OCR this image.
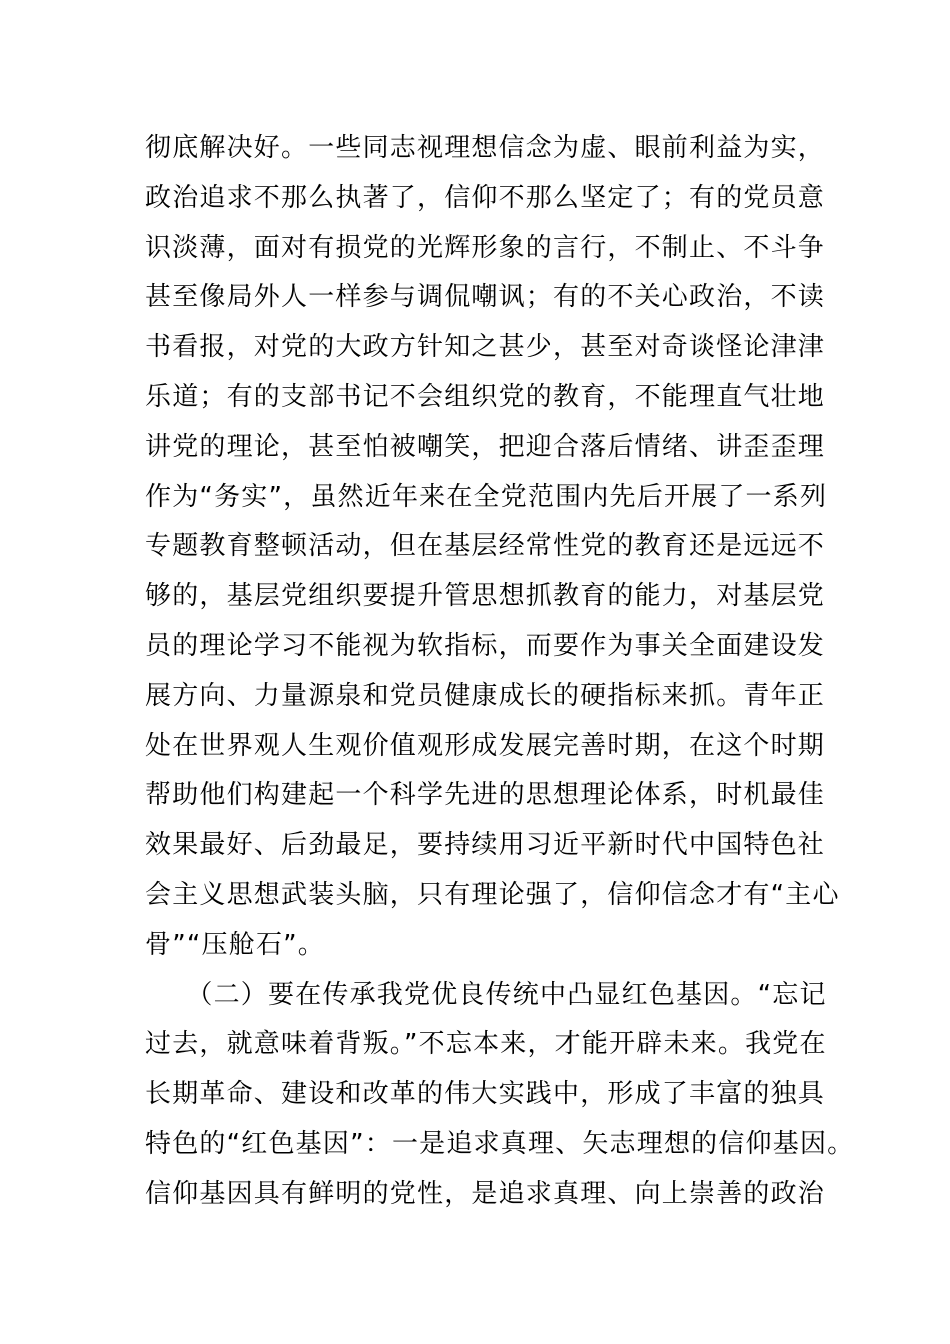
彻底解决好。一些同志视理想信念为虚、眼前利益为实，
政治追求不那么执著了，信仰不那么坚定了；有的党员意
识淡薄，面对有损党的光辉形象的言行，不制止、不斗争
甚至像局外人一样参与调侃嘲讽；有的不关心政治，不读
书看报，对党的大政方针知之甚少，甚至对奇谈怪论津津
乐道；有的支部书记不会组织党的教育，不能理直气壮地
讲党的理论，甚至怕被嘲笑，把迎合落后情绪、讲歪歪理
作为“务实”，虽然近年来在全党范围内先后开展了一系列
专题教育整顿活动，但在基层经常性党的教育还是远远不
够的，基层党组织要提升管思想抓教育的能力，对基层党
员的理论学习不能视为软指标，而要作为事关全面建设发
展方向、力量源泉和党员健康成长的硬指标来抓。青年正
处在世界观人生观价值观形成发展完善时期，在这个时期
帮助他们构建起一个科学先进的思想理论体系，时机最佳
效果最好、后劲最足，要持续用习近平新时代中国特色社
会主义思想武装头脑，只有理论强了，信仰信念才有“主心
骨”“压舱石”。
　　（二）要在传承我党优良传统中凸显红色基因。“忘记
过去，就意味着背叛。”不忘本来，才能开辟未来。我党在
长期革命、建设和改革的伟大实践中，形成了丰富的独具
特色的“红色基因”：一是追求真理、矢志理想的信仰基因。
信仰基因具有鲜明的党性，是追求真理、向上崇善的政治
